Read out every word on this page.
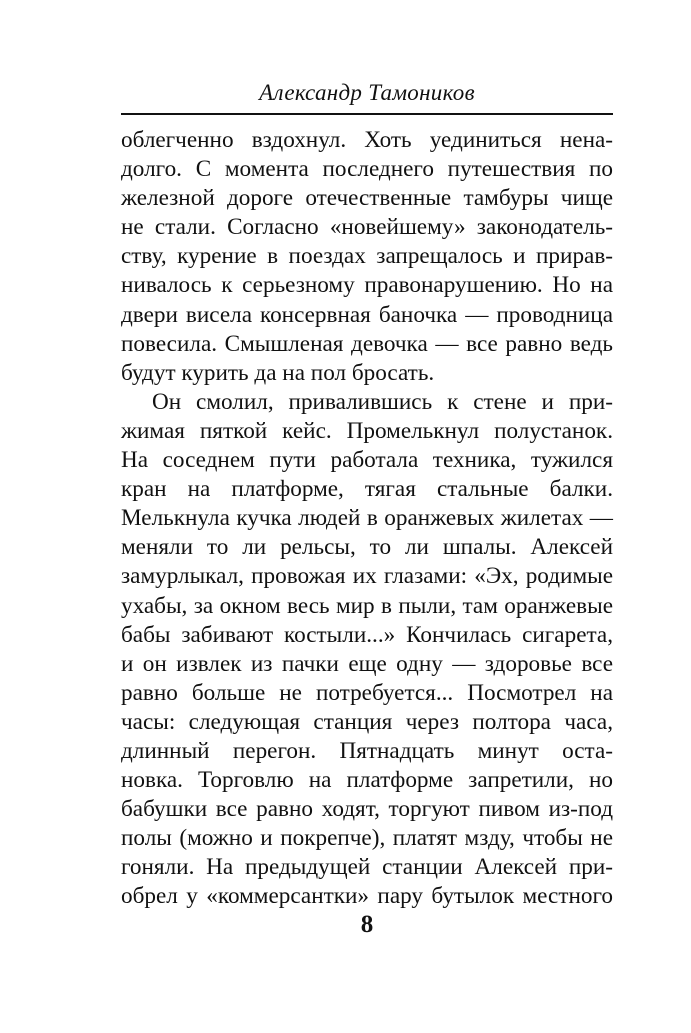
Александр Тамоников
облегченно вздохнул. Хоть уединиться нена-
долго. С момента последнего путешествия по
железной дороге отечественные тамбуры чище
не стали. Согласно «новейшему» законодатель-
ству, курение в поездах запрещалось и прирав-
нивалось к серьезному правонарушению. Но на
двери висела консервная баночка — проводница
повесила. Смышленая девочка — все равно ведь
будут курить да на пол бросать.
Он смолил, привалившись к стене и при-
жимая пяткой кейс. Промелькнул полустанок.
На соседнем пути работала техника, тужился
кран на платформе, тягая стальные балки.
Мелькнула кучка людей в оранжевых жилетах —
меняли то ли рельсы, то ли шпалы. Алексей
замурлыкал, провожая их глазами: «Эх, родимые
ухабы, за окном весь мир в пыли, там оранжевые
бабы забивают костыли...» Кончилась сигарета,
и он извлек из пачки еще одну — здоровье все
равно больше не потребуется... Посмотрел на
часы: следующая станция через полтора часа,
длинный перегон. Пятнадцать минут оста-
новка. Торговлю на платформе запретили, но
бабушки все равно ходят, торгуют пивом из-под
полы (можно и покрепче), платят мзду, чтобы не
гоняли. На предыдущей станции Алексей при-
обрел у «коммерсантки» пару бутылок местного
8
